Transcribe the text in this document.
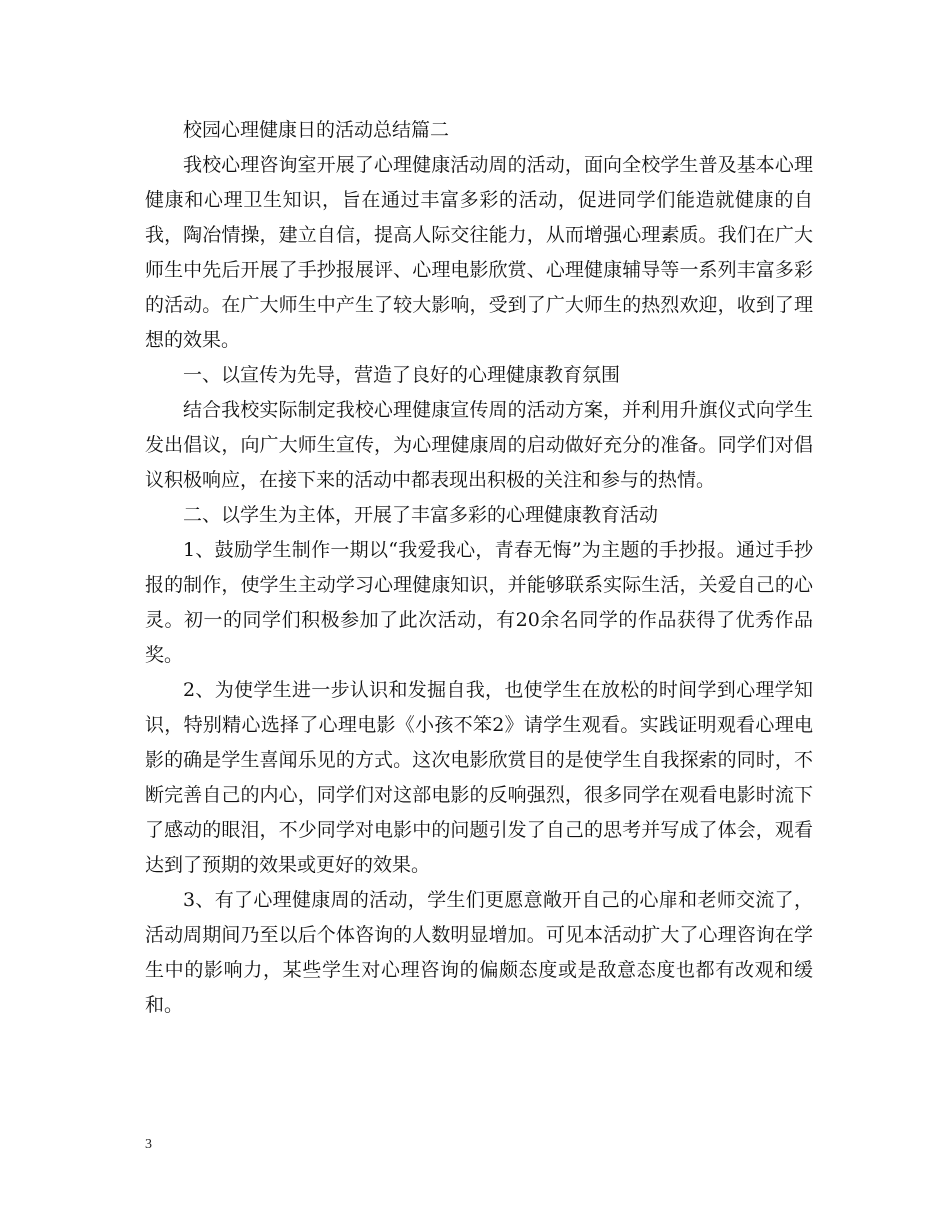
校园心理健康日的活动总结篇二

我校心理咨询室开展了心理健康活动周的活动，面向全校学生普及基本心理健康和心理卫生知识，旨在通过丰富多彩的活动，促进同学们能造就健康的自我，陶冶情操，建立自信，提高人际交往能力，从而增强心理素质。我们在广大师生中先后开展了手抄报展评、心理电影欣赏、心理健康辅导等一系列丰富多彩的活动。在广大师生中产生了较大影响，受到了广大师生的热烈欢迎，收到了理想的效果。

一、以宣传为先导，营造了良好的心理健康教育氛围

结合我校实际制定我校心理健康宣传周的活动方案，并利用升旗仪式向学生发出倡议，向广大师生宣传，为心理健康周的启动做好充分的准备。同学们对倡议积极响应，在接下来的活动中都表现出积极的关注和参与的热情。

二、以学生为主体，开展了丰富多彩的心理健康教育活动

1、鼓励学生制作一期以“我爱我心，青春无悔”为主题的手抄报。通过手抄报的制作，使学生主动学习心理健康知识，并能够联系实际生活，关爱自己的心灵。初一的同学们积极参加了此次活动，有20余名同学的作品获得了优秀作品奖。

2、为使学生进一步认识和发掘自我，也使学生在放松的时间学到心理学知识，特别精心选择了心理电影《小孩不笨2》请学生观看。实践证明观看心理电影的确是学生喜闻乐见的方式。这次电影欣赏目的是使学生自我探索的同时，不断完善自己的内心，同学们对这部电影的反响强烈，很多同学在观看电影时流下了感动的眼泪，不少同学对电影中的问题引发了自己的思考并写成了体会，观看达到了预期的效果或更好的效果。

3、有了心理健康周的活动，学生们更愿意敞开自己的心扉和老师交流了，活动周期间乃至以后个体咨询的人数明显增加。可见本活动扩大了心理咨询在学生中的影响力，某些学生对心理咨询的偏颇态度或是敌意态度也都有改观和缓和。

3
